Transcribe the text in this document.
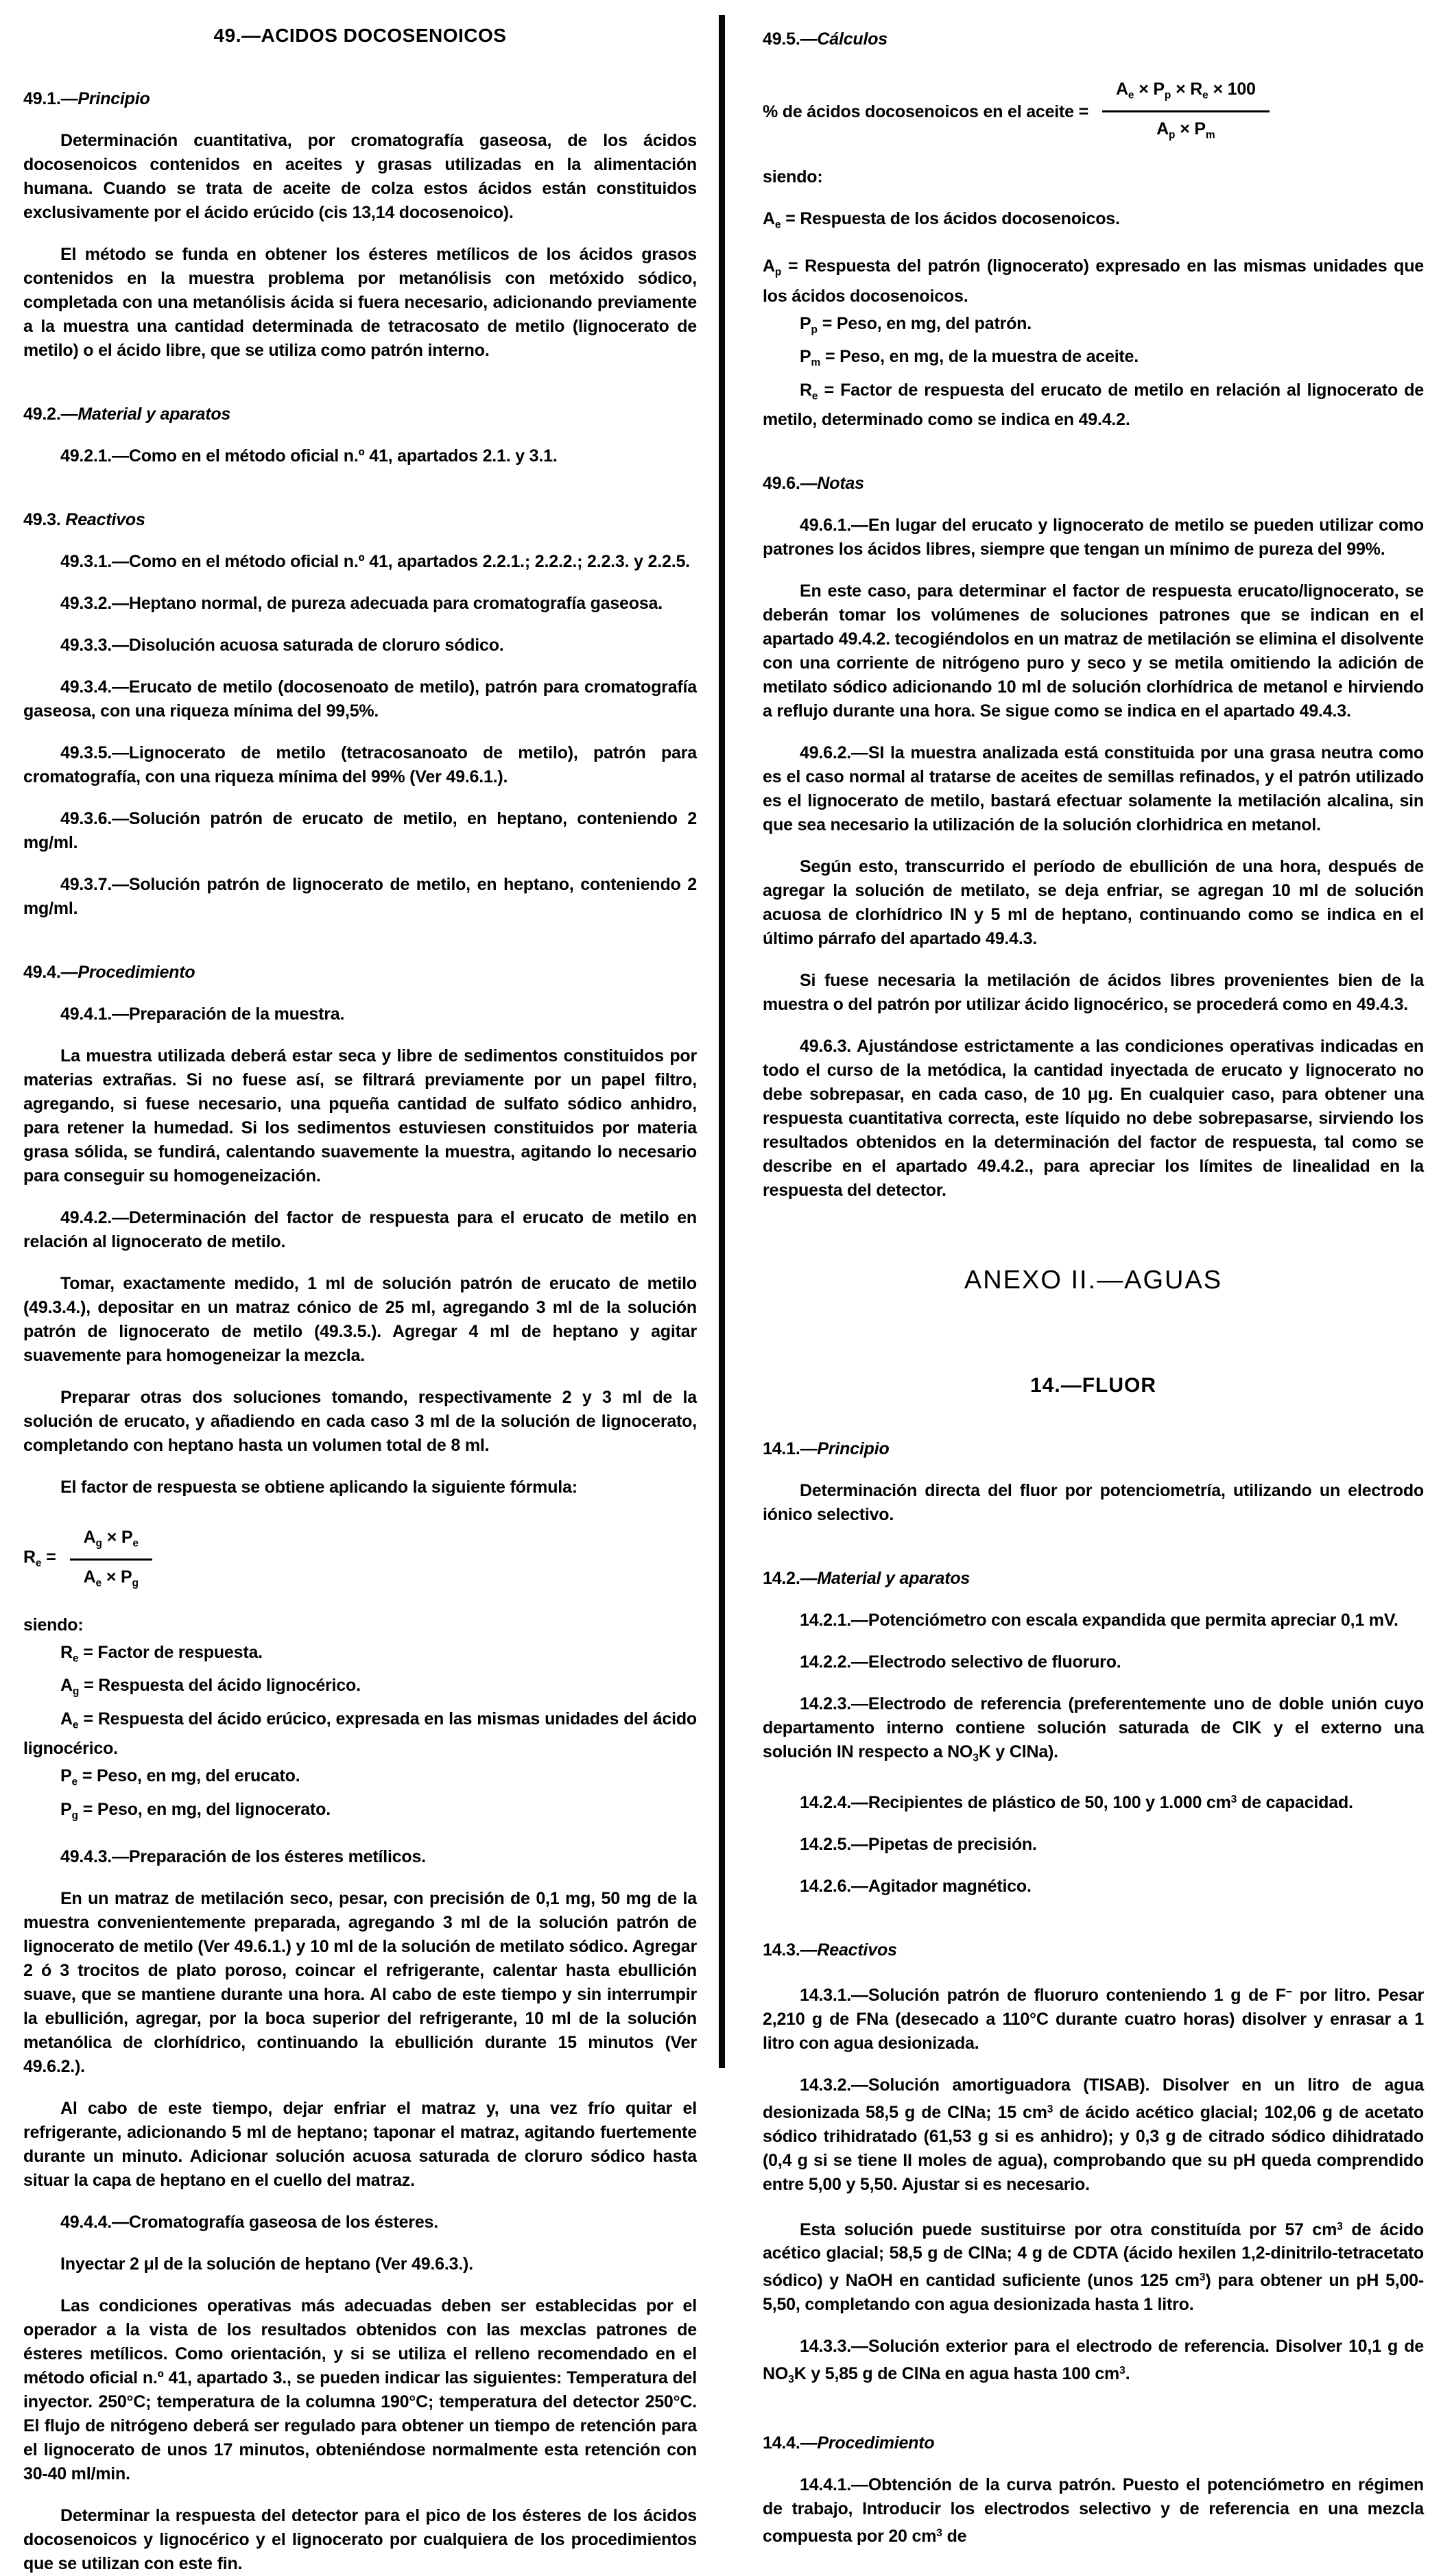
49.—ACIDOS DOCOSENOICOS

49.1.—Principio

Determinación cuantitativa, por cromatografía gaseosa, de los ácidos docosenoicos contenidos en aceites y grasas utilizadas en la alimentación humana. Cuando se trata de aceite de colza estos ácidos están constituidos exclusivamente por el ácido erúcido (cis 13,14 docosenoico).

El método se funda en obtener los ésteres metílicos de los ácidos grasos contenidos en la muestra problema por metanólisis con metóxido sódico, completada con una metanólisis ácida si fuera necesario, adicionando previamente a la muestra una cantidad determinada de tetracosato de metilo (lignocerato de metilo) o el ácido libre, que se utiliza como patrón interno.

49.2.—Material y aparatos

49.2.1.—Como en el método oficial n.º 41, apartados 2.1. y 3.1.

49.3. Reactivos

49.3.1.—Como en el método oficial n.º 41, apartados 2.2.1.; 2.2.2.; 2.2.3. y 2.2.5.

49.3.2.—Heptano normal, de pureza adecuada para cromatografía gaseosa.

49.3.3.—Disolución acuosa saturada de cloruro sódico.

49.3.4.—Erucato de metilo (docosenoato de metilo), patrón para cromatografía gaseosa, con una riqueza mínima del 99,5%.

49.3.5.—Lignocerato de metilo (tetracosanoato de metilo), patrón para cromatografía, con una riqueza mínima del 99% (Ver 49.6.1.).

49.3.6.—Solución patrón de erucato de metilo, en heptano, conteniendo 2 mg/ml.

49.3.7.—Solución patrón de lignocerato de metilo, en heptano, conteniendo 2 mg/ml.

49.4.—Procedimiento

49.4.1.—Preparación de la muestra.

La muestra utilizada deberá estar seca y libre de sedimentos constituidos por materias extrañas. Si no fuese así, se filtrará previamente por un papel filtro, agregando, si fuese necesario, una pqueña cantidad de sulfato sódico anhidro, para retener la humedad. Si los sedimentos estuviesen constituidos por materia grasa sólida, se fundirá, calentando suavemente la muestra, agitando lo necesario para conseguir su homogeneización.

49.4.2.—Determinación del factor de respuesta para el erucato de metilo en relación al lignocerato de metilo.

Tomar, exactamente medido, 1 ml de solución patrón de erucato de metilo (49.3.4.), depositar en un matraz cónico de 25 ml, agregando 3 ml de la solución patrón de lignocerato de metilo (49.3.5.). Agregar 4 ml de heptano y agitar suavemente para homogeneizar la mezcla.

Preparar otras dos soluciones tomando, respectivamente 2 y 3 ml de la solución de erucato, y añadiendo en cada caso 3 ml de la solución de lignocerato, completando con heptano hasta un volumen total de 8 ml.

El factor de respuesta se obtiene aplicando la siguiente fórmula:

$R_e = \frac{A_g \times P_e}{A_e \times P_g}$

siendo:

$R_e$ = Factor de respuesta.

$A_g$ = Respuesta del ácido lignocérico.

$A_e$ = Respuesta del ácido erúcico, expresada en las mismas unidades del ácido lignocérico.

$P_e$ = Peso, en mg, del erucato.

$P_g$ = Peso, en mg, del lignocerato.

49.4.3.—Preparación de los ésteres metílicos.

En un matraz de metilación seco, pesar, con precisión de 0,1 mg, 50 mg de la muestra convenientemente preparada, agregando 3 ml de la solución patrón de lignocerato de metilo (Ver 49.6.1.) y 10 ml de la solución de metilato sódico. Agregar 2 ó 3 trocitos de plato poroso, coincar el refrigerante, calentar hasta ebullición suave, que se mantiene durante una hora. Al cabo de este tiempo y sin interrumpir la ebullición, agregar, por la boca superior del refrigerante, 10 ml de la solución metanólica de clorhídrico, continuando la ebullición durante 15 minutos (Ver 49.6.2.).

Al cabo de este tiempo, dejar enfriar el matraz y, una vez frío quitar el refrigerante, adicionando 5 ml de heptano; taponar el matraz, agitando fuertemente durante un minuto. Adicionar solución acuosa saturada de cloruro sódico hasta situar la capa de heptano en el cuello del matraz.

49.4.4.—Cromatografía gaseosa de los ésteres.

Inyectar 2 μl de la solución de heptano (Ver 49.6.3.).

Las condiciones operativas más adecuadas deben ser establecidas por el operador a la vista de los resultados obtenidos con las mexclas patrones de ésteres metílicos. Como orientación, y si se utiliza el relleno recomendado en el método oficial n.º 41, apartado 3., se pueden indicar las siguientes: Temperatura del inyector. 250°C; temperatura de la columna 190°C; temperatura del detector 250°C. El flujo de nitrógeno deberá ser regulado para obtener un tiempo de retención para el lignocerato de unos 17 minutos, obteniéndose normalmente esta retención con 30-40 ml/min.

Determinar la respuesta del detector para el pico de los ésteres de los ácidos docosenoicos y lignocérico y el lignocerato por cualquiera de los procedimientos que se utilizan con este fin.

49.5.—Cálculos
% de ácidos docosenoicos en el aceite = $\frac{A_e \times P_p \times R_e \times 100}{A_p \times P_m}$

siendo:

$A_e$ = Respuesta de los ácidos docosenoicos.

$A_p$ = Respuesta del patrón (lignocerato) expresado en las mismas unidades que los ácidos docosenoicos.

$P_p$ = Peso, en mg, del patrón.

$P_m$ = Peso, en mg, de la muestra de aceite.

$R_e$ = Factor de respuesta del erucato de metilo en relación al lignocerato de metilo, determinado como se indica en 49.4.2.

49.6.—Notas

49.6.1.—En lugar del erucato y lignocerato de metilo se pueden utilizar como patrones los ácidos libres, siempre que tengan un mínimo de pureza del 99%.

En este caso, para determinar el factor de respuesta erucato/lignocerato, se deberán tomar los volúmenes de soluciones patrones que se indican en el apartado 49.4.2. tecogiéndolos en un matraz de metilación se elimina el disolvente con una corriente de nitrógeno puro y seco y se metila omitiendo la adición de metilato sódico adicionando 10 ml de solución clorhídrica de metanol e hirviendo a reflujo durante una hora. Se sigue como se indica en el apartado 49.4.3.

49.6.2.—SI la muestra analizada está constituida por una grasa neutra como es el caso normal al tratarse de aceites de semillas refinados, y el patrón utilizado es el lignocerato de metilo, bastará efectuar solamente la metilación alcalina, sin que sea necesario la utilización de la solución clorhidrica en metanol.

Según esto, transcurrido el período de ebullición de una hora, después de agregar la solución de metilato, se deja enfriar, se agregan 10 ml de solución acuosa de clorhídrico IN y 5 ml de heptano, continuando como se indica en el último párrafo del apartado 49.4.3.

Si fuese necesaria la metilación de ácidos libres provenientes bien de la muestra o del patrón por utilizar ácido lignocérico, se procederá como en 49.4.3.

49.6.3. Ajustándose estrictamente a las condiciones operativas indicadas en todo el curso de la metódica, la cantidad inyectada de erucato y lignocerato no debe sobrepasar, en cada caso, de 10 μg. En cualquier caso, para obtener una respuesta cuantitativa correcta, este líquido no debe sobrepasarse, sirviendo los resultados obtenidos en la determinación del factor de respuesta, tal como se describe en el apartado 49.4.2., para apreciar los límites de linealidad en la respuesta del detector.

ANEXO II.—AGUAS

14.—FLUOR

14.1.—Principio

Determinación directa del fluor por potenciometría, utilizando un electrodo iónico selectivo.

14.2.—Material y aparatos

14.2.1.—Potenciómetro con escala expandida que permita apreciar 0,1 mV.

14.2.2.—Electrodo selectivo de fluoruro.

14.2.3.—Electrodo de referencia (preferentemente uno de doble unión cuyo departamento interno contiene solución saturada de ClK y el externo una solución IN respecto a $NO_3K$ y ClNa).

14.2.4.—Recipientes de plástico de 50, 100 y 1.000 $cm^3$ de capacidad.

14.2.5.—Pipetas de precisión.

14.2.6.—Agitador magnético.

14.3.—Reactivos

14.3.1.—Solución patrón de fluoruro conteniendo 1 g de F− por litro. Pesar 2,210 g de FNa (desecado a 110°C durante cuatro horas) disolver y enrasar a 1 litro con agua desionizada.

14.3.2.—Solución amortiguadora (TISAB). Disolver en un litro de agua desionizada 58,5 g de ClNa; 15 $cm^3$ de ácido acético glacial; 102,06 g de acetato sódico trihidratado (61,53 g si es anhidro); y 0,3 g de citrado sódico dihidratado (0,4 g si se tiene II moles de agua), comprobando que su pH queda comprendido entre 5,00 y 5,50. Ajustar si es necesario.

Esta solución puede sustituirse por otra constituída por 57 $cm^3$ de ácido acético glacial; 58,5 g de ClNa; 4 g de CDTA (ácido hexilen 1,2-dinitrilo-tetracetato sódico) y NaOH en cantidad suficiente (unos 125 $cm^3$) para obtener un pH 5,00-5,50, completando con agua desionizada hasta 1 litro.

14.3.3.—Solución exterior para el electrodo de referencia. Disolver 10,1 g de $NO_3K$ y 5,85 g de ClNa en agua hasta 100 $cm^3$.

14.4.—Procedimiento

14.4.1.—Obtención de la curva patrón. Puesto el potenciómetro en régimen de trabajo, Introducir los electrodos selectivo y de referencia en una mezcla compuesta por 20 $cm^3$ de
